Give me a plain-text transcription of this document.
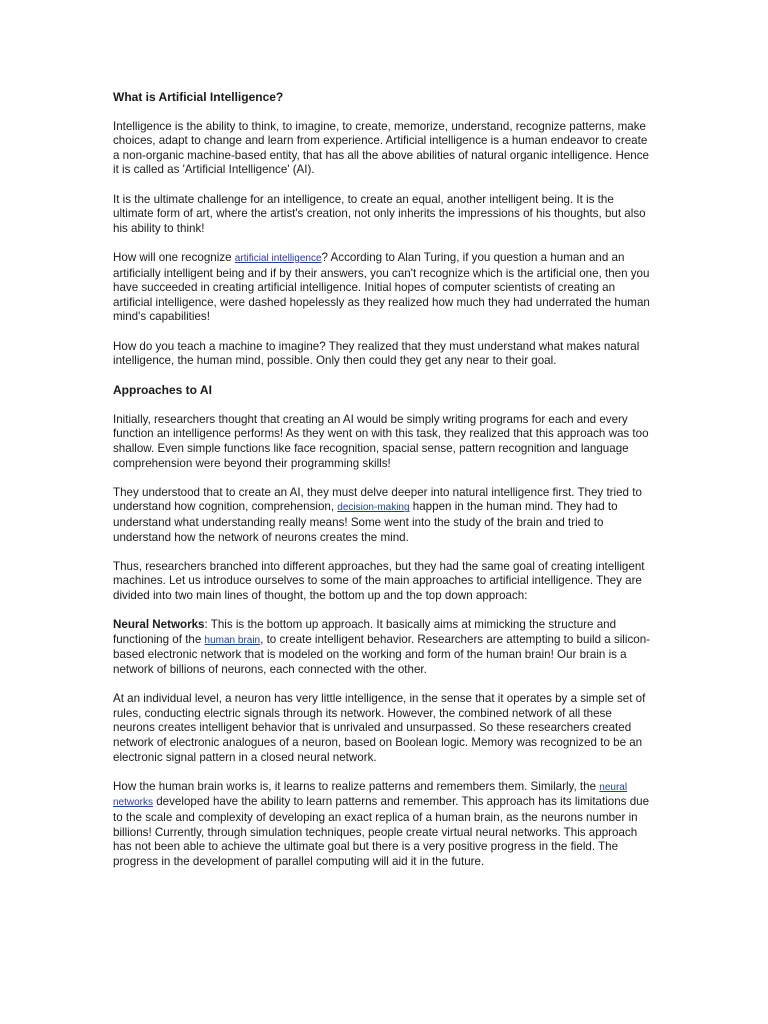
What is Artificial Intelligence?

Intelligence is the ability to think, to imagine, to create, memorize, understand, recognize patterns, make choices, adapt to change and learn from experience. Artificial intelligence is a human endeavor to create a non-organic machine-based entity, that has all the above abilities of natural organic intelligence. Hence it is called as 'Artificial Intelligence' (AI).

It is the ultimate challenge for an intelligence, to create an equal, another intelligent being. It is the ultimate form of art, where the artist's creation, not only inherits the impressions of his thoughts, but also his ability to think!

How will one recognize artificial intelligence? According to Alan Turing, if you question a human and an artificially intelligent being and if by their answers, you can't recognize which is the artificial one, then you have succeeded in creating artificial intelligence. Initial hopes of computer scientists of creating an artificial intelligence, were dashed hopelessly as they realized how much they had underrated the human mind's capabilities!

How do you teach a machine to imagine? They realized that they must understand what makes natural intelligence, the human mind, possible. Only then could they get any near to their goal.

Approaches to AI

Initially, researchers thought that creating an AI would be simply writing programs for each and every function an intelligence performs! As they went on with this task, they realized that this approach was too shallow. Even simple functions like face recognition, spacial sense, pattern recognition and language comprehension were beyond their programming skills!

They understood that to create an AI, they must delve deeper into natural intelligence first. They tried to understand how cognition, comprehension, decision-making happen in the human mind. They had to understand what understanding really means! Some went into the study of the brain and tried to understand how the network of neurons creates the mind.

Thus, researchers branched into different approaches, but they had the same goal of creating intelligent machines. Let us introduce ourselves to some of the main approaches to artificial intelligence. They are divided into two main lines of thought, the bottom up and the top down approach:

Neural Networks: This is the bottom up approach. It basically aims at mimicking the structure and functioning of the human brain, to create intelligent behavior. Researchers are attempting to build a silicon-based electronic network that is modeled on the working and form of the human brain! Our brain is a network of billions of neurons, each connected with the other.

At an individual level, a neuron has very little intelligence, in the sense that it operates by a simple set of rules, conducting electric signals through its network. However, the combined network of all these neurons creates intelligent behavior that is unrivaled and unsurpassed. So these researchers created network of electronic analogues of a neuron, based on Boolean logic. Memory was recognized to be an electronic signal pattern in a closed neural network.

How the human brain works is, it learns to realize patterns and remembers them. Similarly, the neural networks developed have the ability to learn patterns and remember. This approach has its limitations due to the scale and complexity of developing an exact replica of a human brain, as the neurons number in billions! Currently, through simulation techniques, people create virtual neural networks. This approach has not been able to achieve the ultimate goal but there is a very positive progress in the field. The progress in the development of parallel computing will aid it in the future.
